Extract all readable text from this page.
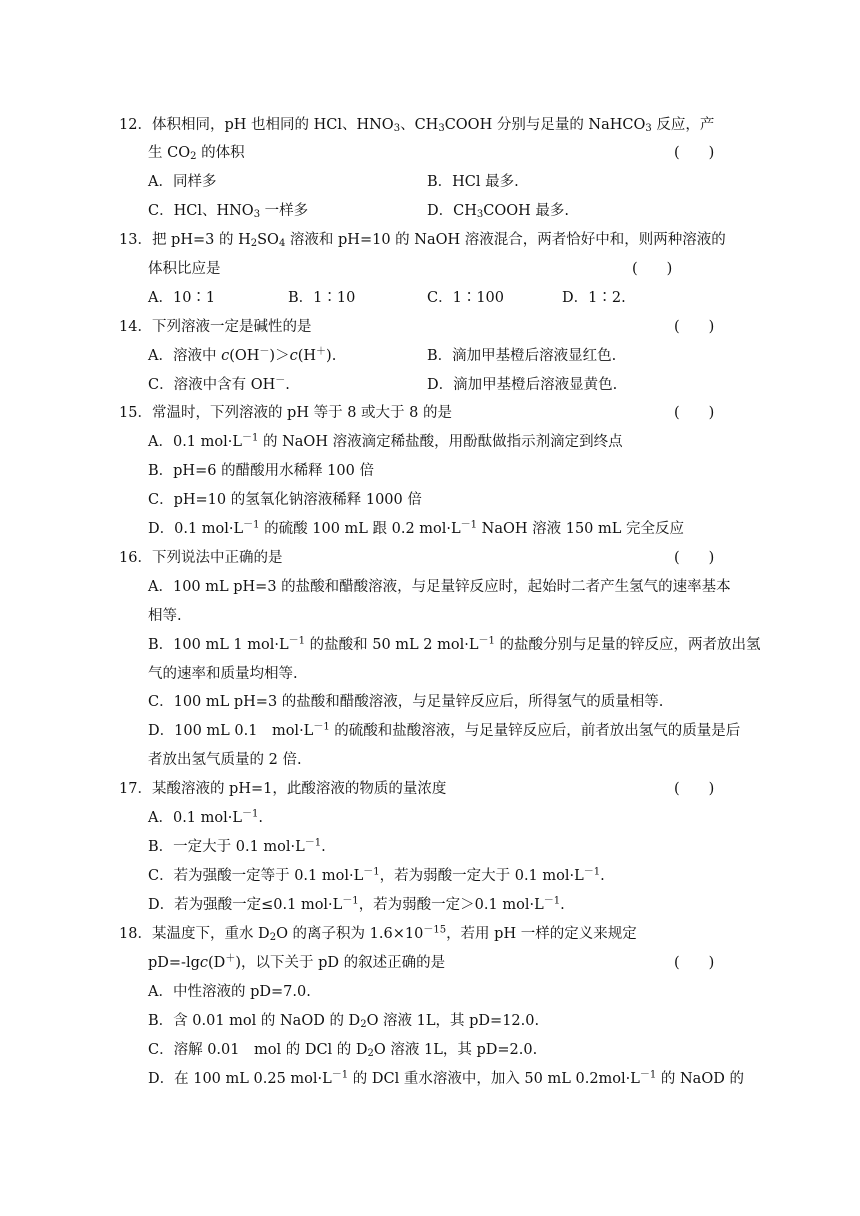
12．体积相同，pH 也相同的 HCl、$HNO_3$、$CH_3COOH$ 分别与足量的 NaHCO$_3$ 反应，产
生 $CO_2$ 的体积	(　　)
A．同样多	B．HCl 最多.
C．HCl、$HNO_3$ 一样多	D．$CH_3COOH$ 最多.
13．把 pH=3 的 $H_2SO_4$ 溶液和 pH=10 的 NaOH 溶液混合，两者恰好中和，则两种溶液的
体积比应是	(　　)
A．10∶1	B．1∶10	C．1∶100	D．1∶2.
14．下列溶液一定是碱性的是	(　　)
A．溶液中 c(OH－)＞c(H＋).	B．滴加甲基橙后溶液显红色.
C．溶液中含有 OH－.	D．滴加甲基橙后溶液显黄色.
15．常温时，下列溶液的 pH 等于 8 或大于 8 的是	(　　)
A．0.1 $mol\cdot L^{-1}$ 的 NaOH 溶液滴定稀盐酸，用酚酞做指示剂滴定到终点
B．pH=6 的醋酸用水稀释 100 倍
C．pH=10 的氢氧化钠溶液稀释 1000 倍
D．0.1 $mol\cdot L^{-1}$ 的硫酸 100 mL 跟 0.2 $mol\cdot L^{-1}$ NaOH 溶液 150 mL 完全反应
16．下列说法中正确的是	(　　)
A．100 mL pH=3 的盐酸和醋酸溶液，与足量锌反应时，起始时二者产生氢气的速率基本
相等.
B．100 mL 1 $mol\cdot L^{-1}$ 的盐酸和 50 mL 2 $mol\cdot L^{-1}$ 的盐酸分别与足量的锌反应，两者放出氢
气的速率和质量均相等.
C．100 mL pH=3 的盐酸和醋酸溶液，与足量锌反应后，所得氢气的质量相等.
D．100 mL 0.1　$mol\cdot L^{-1}$ 的硫酸和盐酸溶液，与足量锌反应后，前者放出氢气的质量是后
者放出氢气质量的 2 倍.
17．某酸溶液的 pH=1，此酸溶液的物质的量浓度	(　　)
A．0.1 $mol\cdot L^{-1}$.
B．一定大于 0.1 $mol\cdot L^{-1}$.
C．若为强酸一定等于 0.1 $mol\cdot L^{-1}$，若为弱酸一定大于 0.1 $mol\cdot L^{-1}$.
D．若为强酸一定≤0.1 $mol\cdot L^{-1}$，若为弱酸一定＞0.1 $mol\cdot L^{-1}$.
18．某温度下，重水 $D_2O$ 的离子积为 $1.6\times 10^{-15}$，若用 pH 一样的定义来规定
pD=-lgc(D＋)，以下关于 pD 的叙述正确的是	(　　)
A．中性溶液的 pD=7.0.
B．含 0.01 mol 的 NaOD 的 $D_2O$ 溶液 1L，其 pD=12.0.
C．溶解 0.01　mol 的 DCl 的 $D_2O$ 溶液 1L，其 pD=2.0.
D．在 100 mL 0.25 $mol\cdot L^{-1}$ 的 DCl 重水溶液中，加入 50 mL $0.2mol\cdot L^{-1}$ 的 NaOD 的
